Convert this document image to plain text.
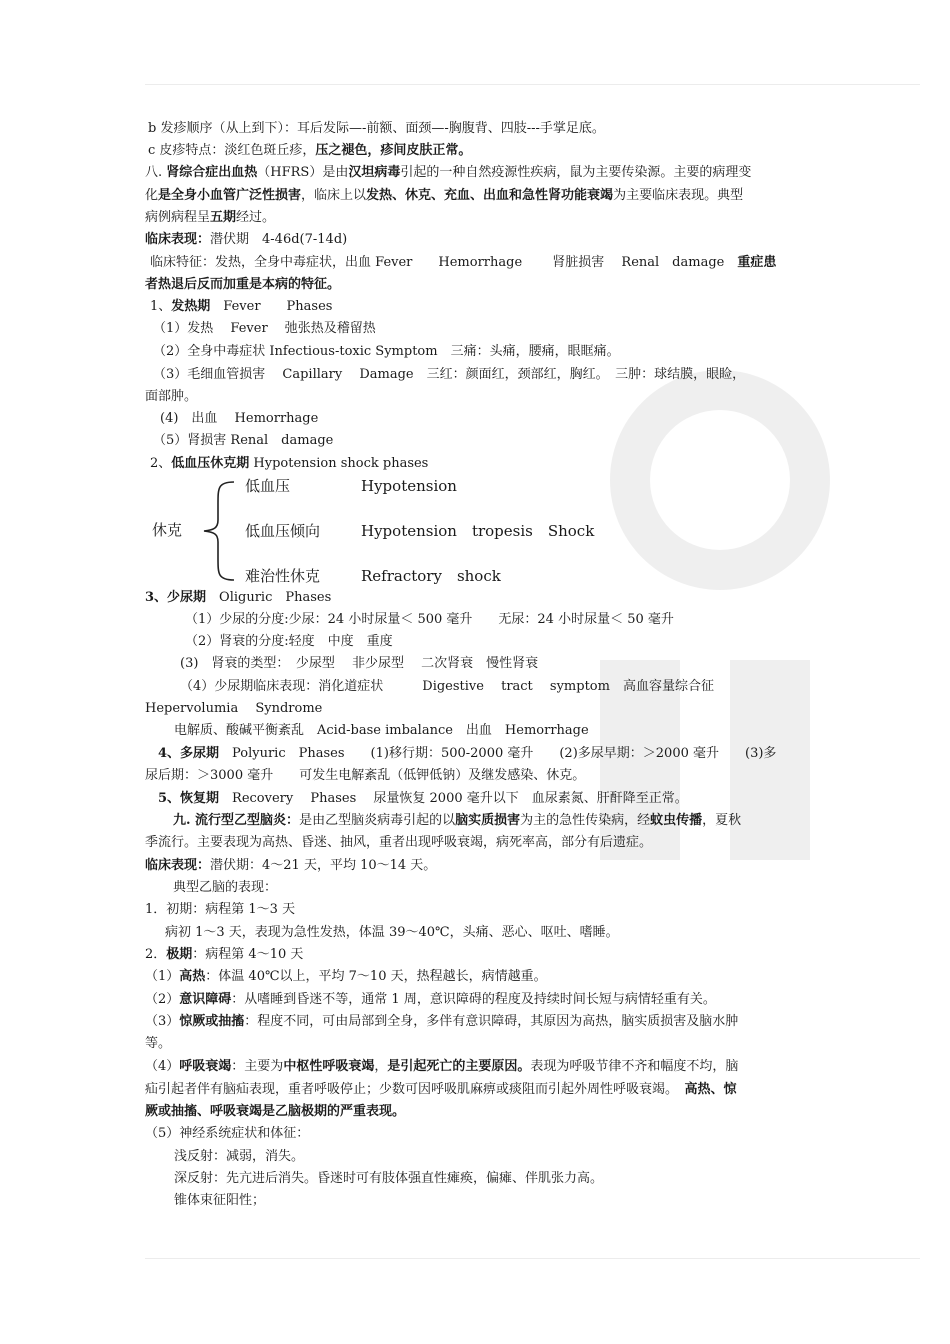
b 发疹顺序（从上到下）：耳后发际—-前额、面颈—-胸腹背、四肢---手掌足底。
c 皮疹特点：淡红色斑丘疹，压之褪色，疹间皮肤正常。
八. 肾综合症出血热（HFRS）是由汉坦病毒引起的一种自然疫源性疾病，鼠为主要传染源。主要的病理变
化是全身小血管广泛性损害，临床上以发热、休克、充血、出血和急性肾功能衰竭为主要临床表现。典型
病例病程呈五期经过。
临床表现：潜伏期　4-46d(7-14d)
临床特征：发热，全身中毒症状，出血 Fever　　Hemorrhage　　 肾脏损害　 Renal　damage　重症患
者热退后反而加重是本病的特征。
1、发热期　Fever　　Phases
（1）发热　 Fever　 弛张热及稽留热
（2）全身中毒症状 Infectious-toxic Symptom　三痛：头痛，腰痛，眼眶痛。
（3）毛细血管损害　 Capillary　 Damage　三红：颜面红，颈部红，胸红。　三肿：球结膜，眼睑，
面部肿。
(4)　出血　 Hemorrhage
（5）肾损害 Renal　damage
2、低血压休克期 Hypotension shock phases
休克
低血压	Hypotension
低血压倾向	Hypotension　tropesis　Shock
难治性休克	Refractory　shock
3、少尿期　Oliguric　Phases
（1）少尿的分度:少尿：24 小时尿量＜ 500 毫升　　无尿：24 小时尿量＜ 50 毫升
（2）肾衰的分度:轻度　中度　重度
(3)　肾衰的类型：　少尿型　 非少尿型　 二次肾衰　慢性肾衰
（4）少尿期临床表现：消化道症状　　　Digestive　 tract　 symptom　高血容量综合征
Hepervolumia　 Syndrome
电解质、酸碱平衡紊乱　Acid-base imbalance　出血　Hemorrhage
4、多尿期　Polyuric　Phases　　(1)移行期：500-2000 毫升　　(2)多尿早期：＞2000 毫升　　(3)多
尿后期：＞3000 毫升　　可发生电解紊乱（低钾低钠）及继发感染、休克。
5、恢复期　Recovery　 Phases　 尿量恢复 2000 毫升以下　血尿素氮、肝酐降至正常。
九. 流行型乙型脑炎：是由乙型脑炎病毒引起的以脑实质损害为主的急性传染病，经蚊虫传播，夏秋
季流行。主要表现为高热、昏迷、抽风，重者出现呼吸衰竭，病死率高，部分有后遗症。
临床表现：潜伏期：4～21 天，平均 10～14 天。
典型乙脑的表现：
1．初期：病程第 1～3 天
病初 1～3 天，表现为急性发热，体温 39～40℃，头痛、恶心、呕吐、嗜睡。
2．极期：病程第 4～10 天
（1）高热：体温 40℃以上，平均 7～10 天，热程越长，病情越重。
（2）意识障碍：从嗜睡到昏迷不等，通常 1 周，意识障碍的程度及持续时间长短与病情轻重有关。
（3）惊厥或抽搐：程度不同，可由局部到全身，多伴有意识障碍，其原因为高热，脑实质损害及脑水肿
等。
（4）呼吸衰竭：主要为中枢性呼吸衰竭，是引起死亡的主要原因。表现为呼吸节律不齐和幅度不均，脑
疝引起者伴有脑疝表现，重者呼吸停止；少数可因呼吸肌麻痹或痰阻而引起外周性呼吸衰竭。　高热、惊
厥或抽搐、呼吸衰竭是乙脑极期的严重表现。
（5）神经系统症状和体征：
浅反射：减弱，消失。
深反射：先亢进后消失。昏迷时可有肢体强直性瘫痪，偏瘫、伴肌张力高。
锥体束征阳性；
